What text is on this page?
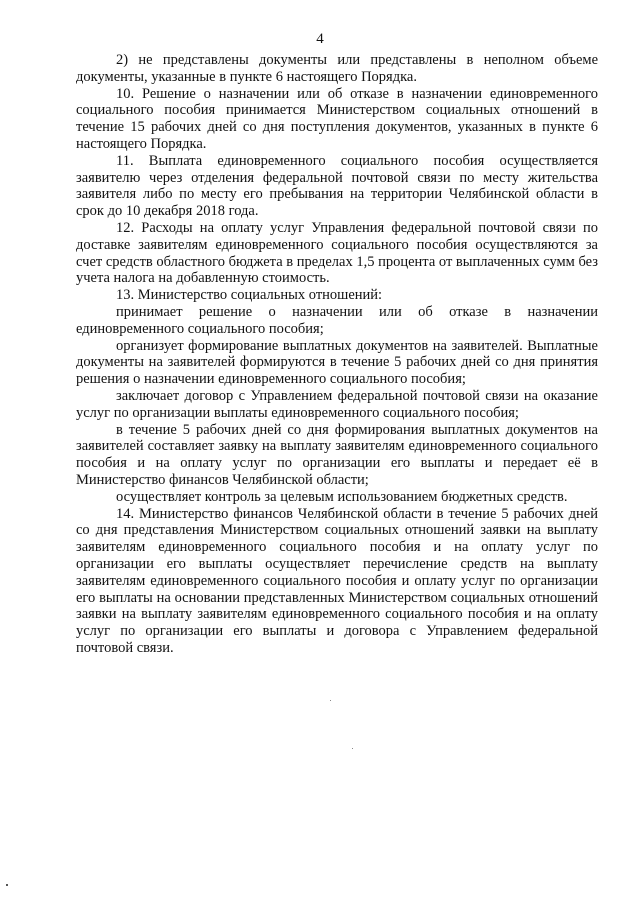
4

2) не представлены документы или представлены в неполном объеме документы, указанные в пункте 6 настоящего Порядка.

10. Решение о назначении или об отказе в назначении единовременного социального пособия принимается Министерством социальных отношений в течение 15 рабочих дней со дня поступления документов, указанных в пункте 6 настоящего Порядка.

11. Выплата единовременного социального пособия осуществляется заявителю через отделения федеральной почтовой связи по месту жительства заявителя либо по месту его пребывания на территории Челябинской области в срок до 10 декабря 2018 года.

12. Расходы на оплату услуг Управления федеральной почтовой связи по доставке заявителям единовременного социального пособия осуществляются за счет средств областного бюджета в пределах 1,5 процента от выплаченных сумм без учета налога на добавленную стоимость.

13. Министерство социальных отношений:

принимает решение о назначении или об отказе в назначении единовременного социального пособия;

организует формирование выплатных документов на заявителей. Выплатные документы на заявителей формируются в течение 5 рабочих дней со дня принятия решения о назначении единовременного социального пособия;

заключает договор с Управлением федеральной почтовой связи на оказание услуг по организации выплаты единовременного социального пособия;

в течение 5 рабочих дней со дня формирования выплатных документов на заявителей составляет заявку на выплату заявителям единовременного социального пособия и на оплату услуг по организации его выплаты и передает её в Министерство финансов Челябинской области;

осуществляет контроль за целевым использованием бюджетных средств.

14. Министерство финансов Челябинской области в течение 5 рабочих дней со дня представления Министерством социальных отношений заявки на выплату заявителям единовременного социального пособия и на оплату услуг по организации его выплаты осуществляет перечисление средств на выплату заявителям единовременного социального пособия и оплату услуг по организации его выплаты на основании представленных Министерством социальных отношений заявки на выплату заявителям единовременного социального пособия и на оплату услуг по организации его выплаты и договора с Управлением федеральной почтовой связи.
